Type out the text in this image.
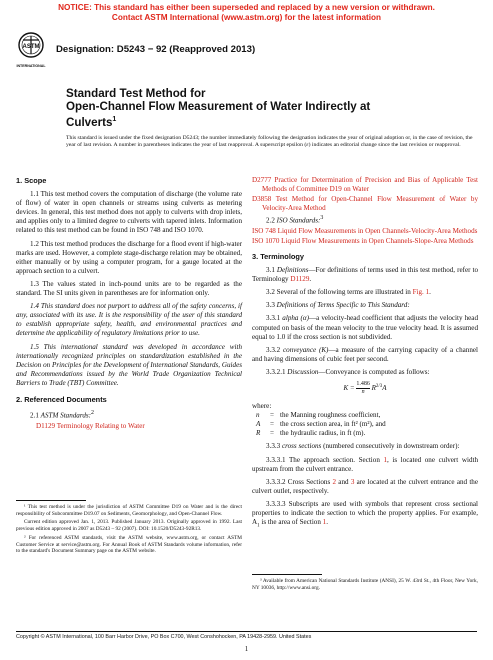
NOTICE: This standard has either been superseded and replaced by a new version or withdrawn.
Contact ASTM International (www.astm.org) for the latest information
ASTM
INTERNATIONAL
Designation: D5243 − 92 (Reapproved 2013)
Standard Test Method for
Open-Channel Flow Measurement of Water Indirectly at
Culverts$^1$
This standard is issued under the fixed designation D5243; the number immediately following the designation indicates the year of original adoption or, in the case of revision, the year of last revision. A number in parentheses indicates the year of last reapproval. A superscript epsilon (ε) indicates an editorial change since the last revision or reapproval.
1. Scope

1.1 This test method covers the computation of discharge (the volume rate of flow) of water in open channels or streams using culverts as metering devices. In general, this test method does not apply to culverts with drop inlets, and applies only to a limited degree to culverts with tapered inlets. Information related to this test method can be found in ISO 748 and ISO 1070.

1.2 This test method produces the discharge for a flood event if high-water marks are used. However, a complete stage-discharge relation may be obtained, either manually or by using a computer program, for a gauge located at the approach section to a culvert.

1.3 The values stated in inch-pound units are to be regarded as the standard. The SI units given in parentheses are for information only.

1.4 This standard does not purport to address all of the safety concerns, if any, associated with its use. It is the responsibility of the user of this standard to establish appropriate safety, health, and environmental practices and determine the applicability of regulatory limitations prior to use.

1.5 This international standard was developed in accordance with internationally recognized principles on standardization established in the Decision on Principles for the Development of International Standards, Guides and Recommendations issued by the World Trade Organization Technical Barriers to Trade (TBT) Committee.

2. Referenced Documents

2.1 ASTM Standards:$^2$

D1129 Terminology Relating to Water

¹ This test method is under the jurisdiction of ASTM Committee D19 on Water and is the direct responsibility of Subcommittee D19.07 on Sediments, Geomorphology, and Open-Channel Flow.

Current edition approved Jan. 1, 2013. Published January 2013. Originally approved in 1992. Last previous edition approved in 2007 as D5243 – 92 (2007). DOI: 10.1520/D5243-92R13.

² For referenced ASTM standards, visit the ASTM website, www.astm.org, or contact ASTM Customer Service at service@astm.org. For Annual Book of ASTM Standards volume information, refer to the standard's Document Summary page on the ASTM website.

D2777 Practice for Determination of Precision and Bias of Applicable Test Methods of Committee D19 on Water

D3858 Test Method for Open-Channel Flow Measurement of Water by Velocity-Area Method

2.2 ISO Standards:$^3$

ISO 748 Liquid Flow Measurements in Open Channels-Velocity-Area Methods

ISO 1070 Liquid Flow Measurements in Open Channels-Slope-Area Methods

3. Terminology

3.1 Definitions—For definitions of terms used in this test method, refer to Terminology D1129.

3.2 Several of the following terms are illustrated in Fig. 1.

3.3 Definitions of Terms Specific to This Standard:

3.3.1 alpha (α)—a velocity-head coefficient that adjusts the velocity head computed on basis of the mean velocity to the true velocity head. It is assumed equal to 1.0 if the cross section is not subdivided.

3.3.2 conveyance (K)—a measure of the carrying capacity of a channel and having dimensions of cubic feet per second.

3.3.2.1 Discussion—Conveyance is computed as follows:

$K = \frac{1.486}{n} R^{2/3}A$
where:
n	= the Manning roughness coefficient,
A	= the cross section area, in ft² (m²), and
R	= the hydraulic radius, in ft (m).

3.3.3 cross sections (numbered consecutively in downstream order):

3.3.3.1 The approach section. Section 1, is located one culvert width upstream from the culvert entrance.

3.3.3.2 Cross Sections 2 and 3 are located at the culvert entrance and the culvert outlet, respectively.

3.3.3.3 Subscripts are used with symbols that represent cross sectional properties to indicate the section to which the property applies. For example, $A_1$ is the area of Section 1.

³ Available from American National Standards Institute (ANSI), 25 W. 43rd St., 4th Floor, New York, NY 10036, http://www.ansi.org.

Copyright © ASTM International, 100 Barr Harbor Drive, PO Box C700, West Conshohocken, PA 19428-2959. United States
1
